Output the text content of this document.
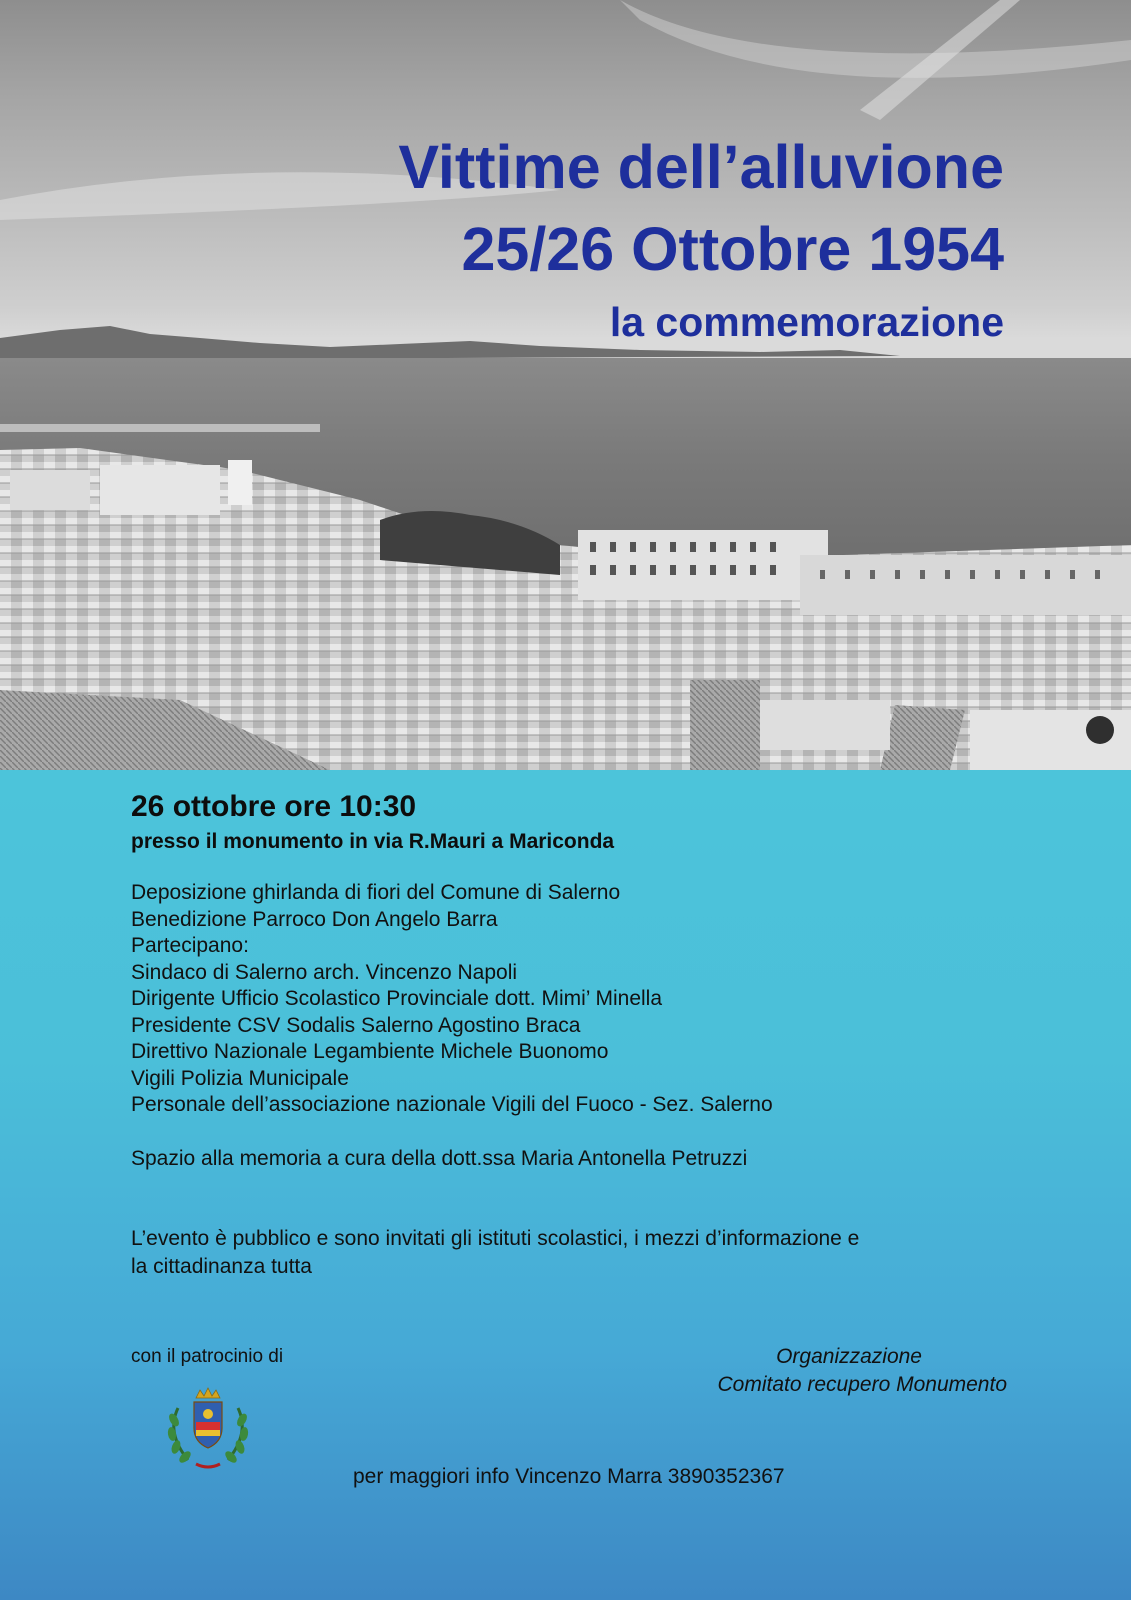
Vittime dell’alluvione
25/26 Ottobre 1954
la commemorazione
26 ottobre ore 10:30
presso il monumento in via R.Mauri a Mariconda
Deposizione ghirlanda di fiori del Comune di Salerno
Benedizione Parroco Don Angelo Barra
Partecipano:
Sindaco di Salerno arch. Vincenzo Napoli
Dirigente Ufficio Scolastico Provinciale dott. Mimi’ Minella
Presidente CSV Sodalis Salerno Agostino Braca
Direttivo Nazionale Legambiente Michele Buonomo
Vigili Polizia Municipale
Personale dell’associazione nazionale Vigili del Fuoco - Sez. Salerno
Spazio alla memoria a cura della dott.ssa Maria Antonella Petruzzi
L’evento è pubblico e sono invitati gli istituti scolastici, i mezzi d’informazione e
la cittadinanza tutta
con il patrocinio di	Organizzazione
Comitato recupero Monumento
per maggiori info Vincenzo Marra 3890352367
